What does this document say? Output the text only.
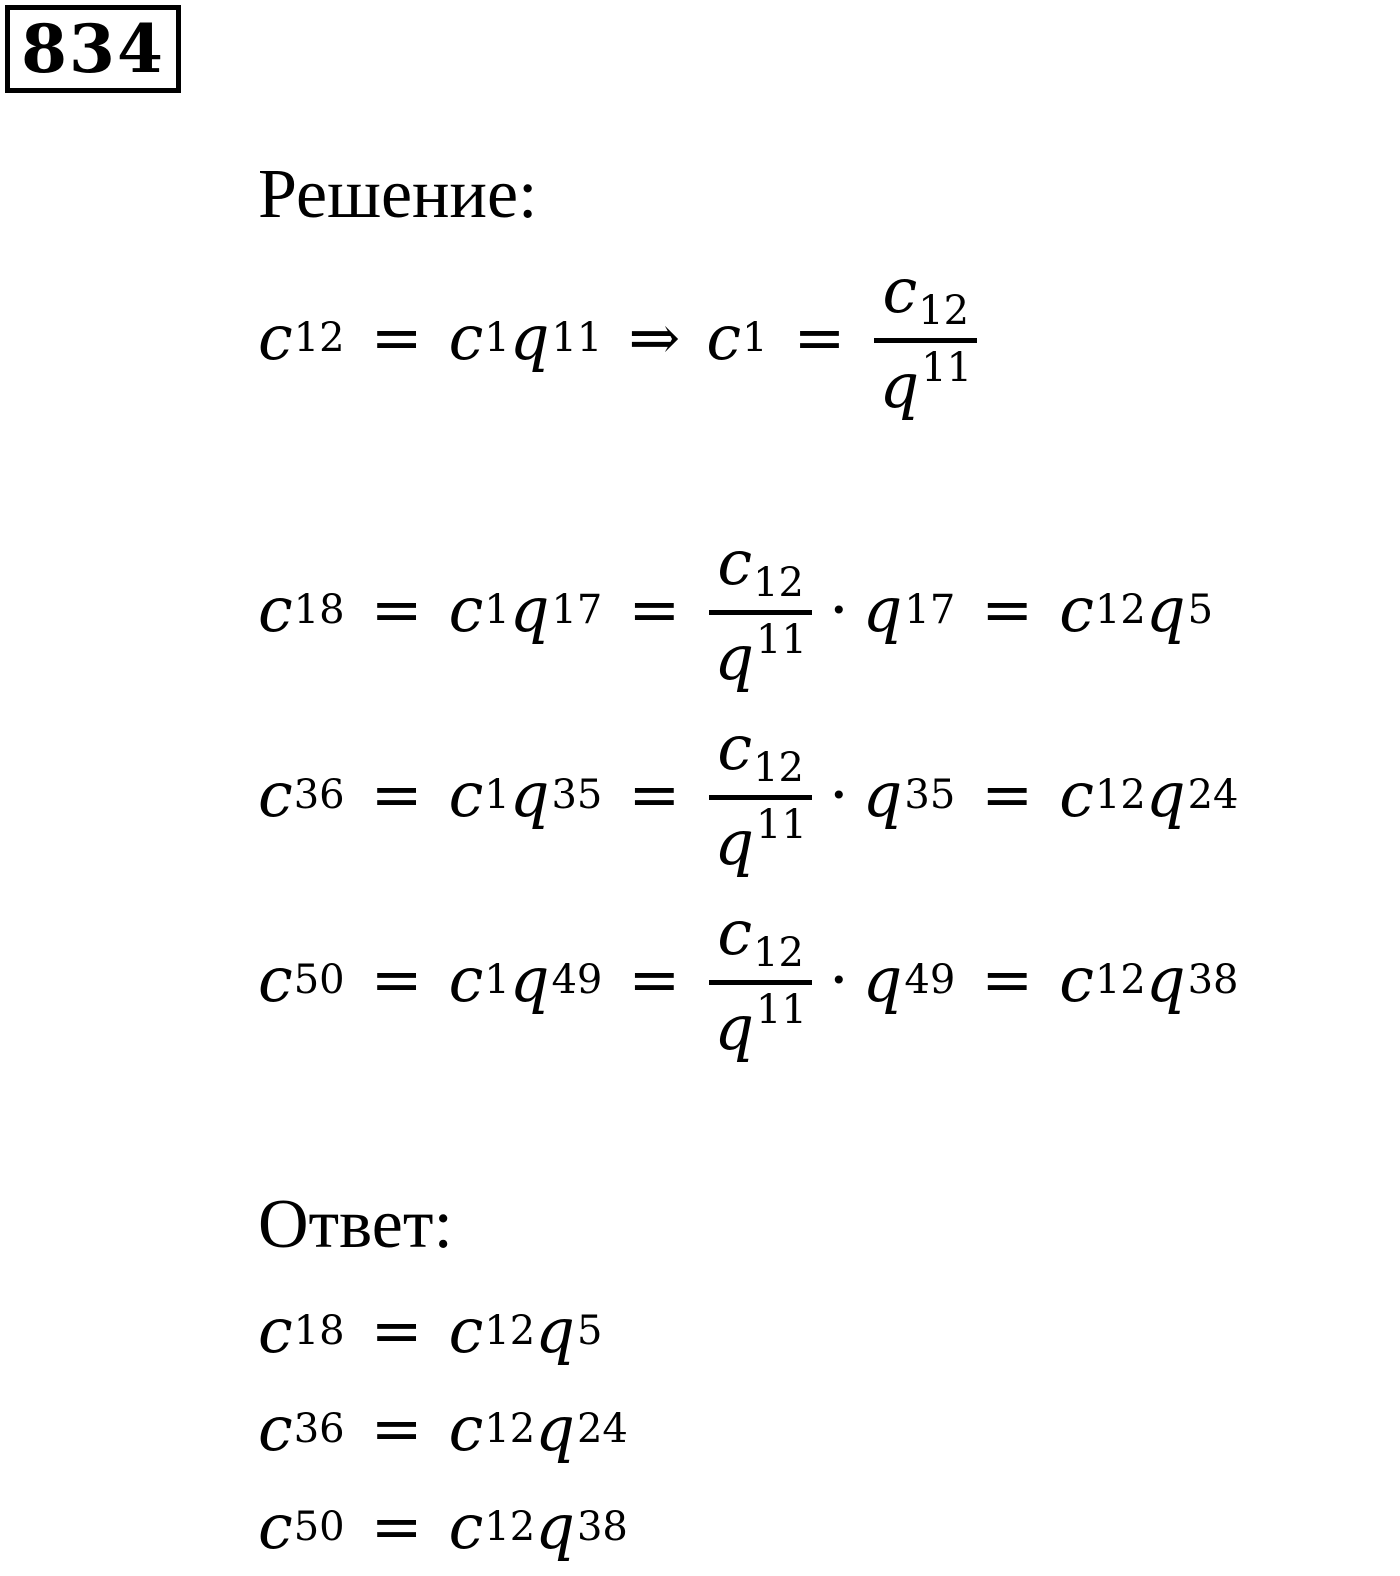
834
Решение:
c 12 = c 1 q 11 ⇒ c $1 = \frac{c_{12}}{q^{11}}$
c 18 = c 1 q $17 = \frac{c_{12}}{q^{11}} \cdot q$ 17 = c 12 q 5
c 36 = c 1 q $35 = \frac{c_{12}}{q^{11}} \cdot q$ 35 = c 12 q 24
c 50 = c 1 q $49 = \frac{c_{12}}{q^{11}} \cdot q$ 49 = c 12 q 38
Ответ:
c 18 = c 12 q 5
c 36 = c 12 q 24
c 50 = c 12 q 38
